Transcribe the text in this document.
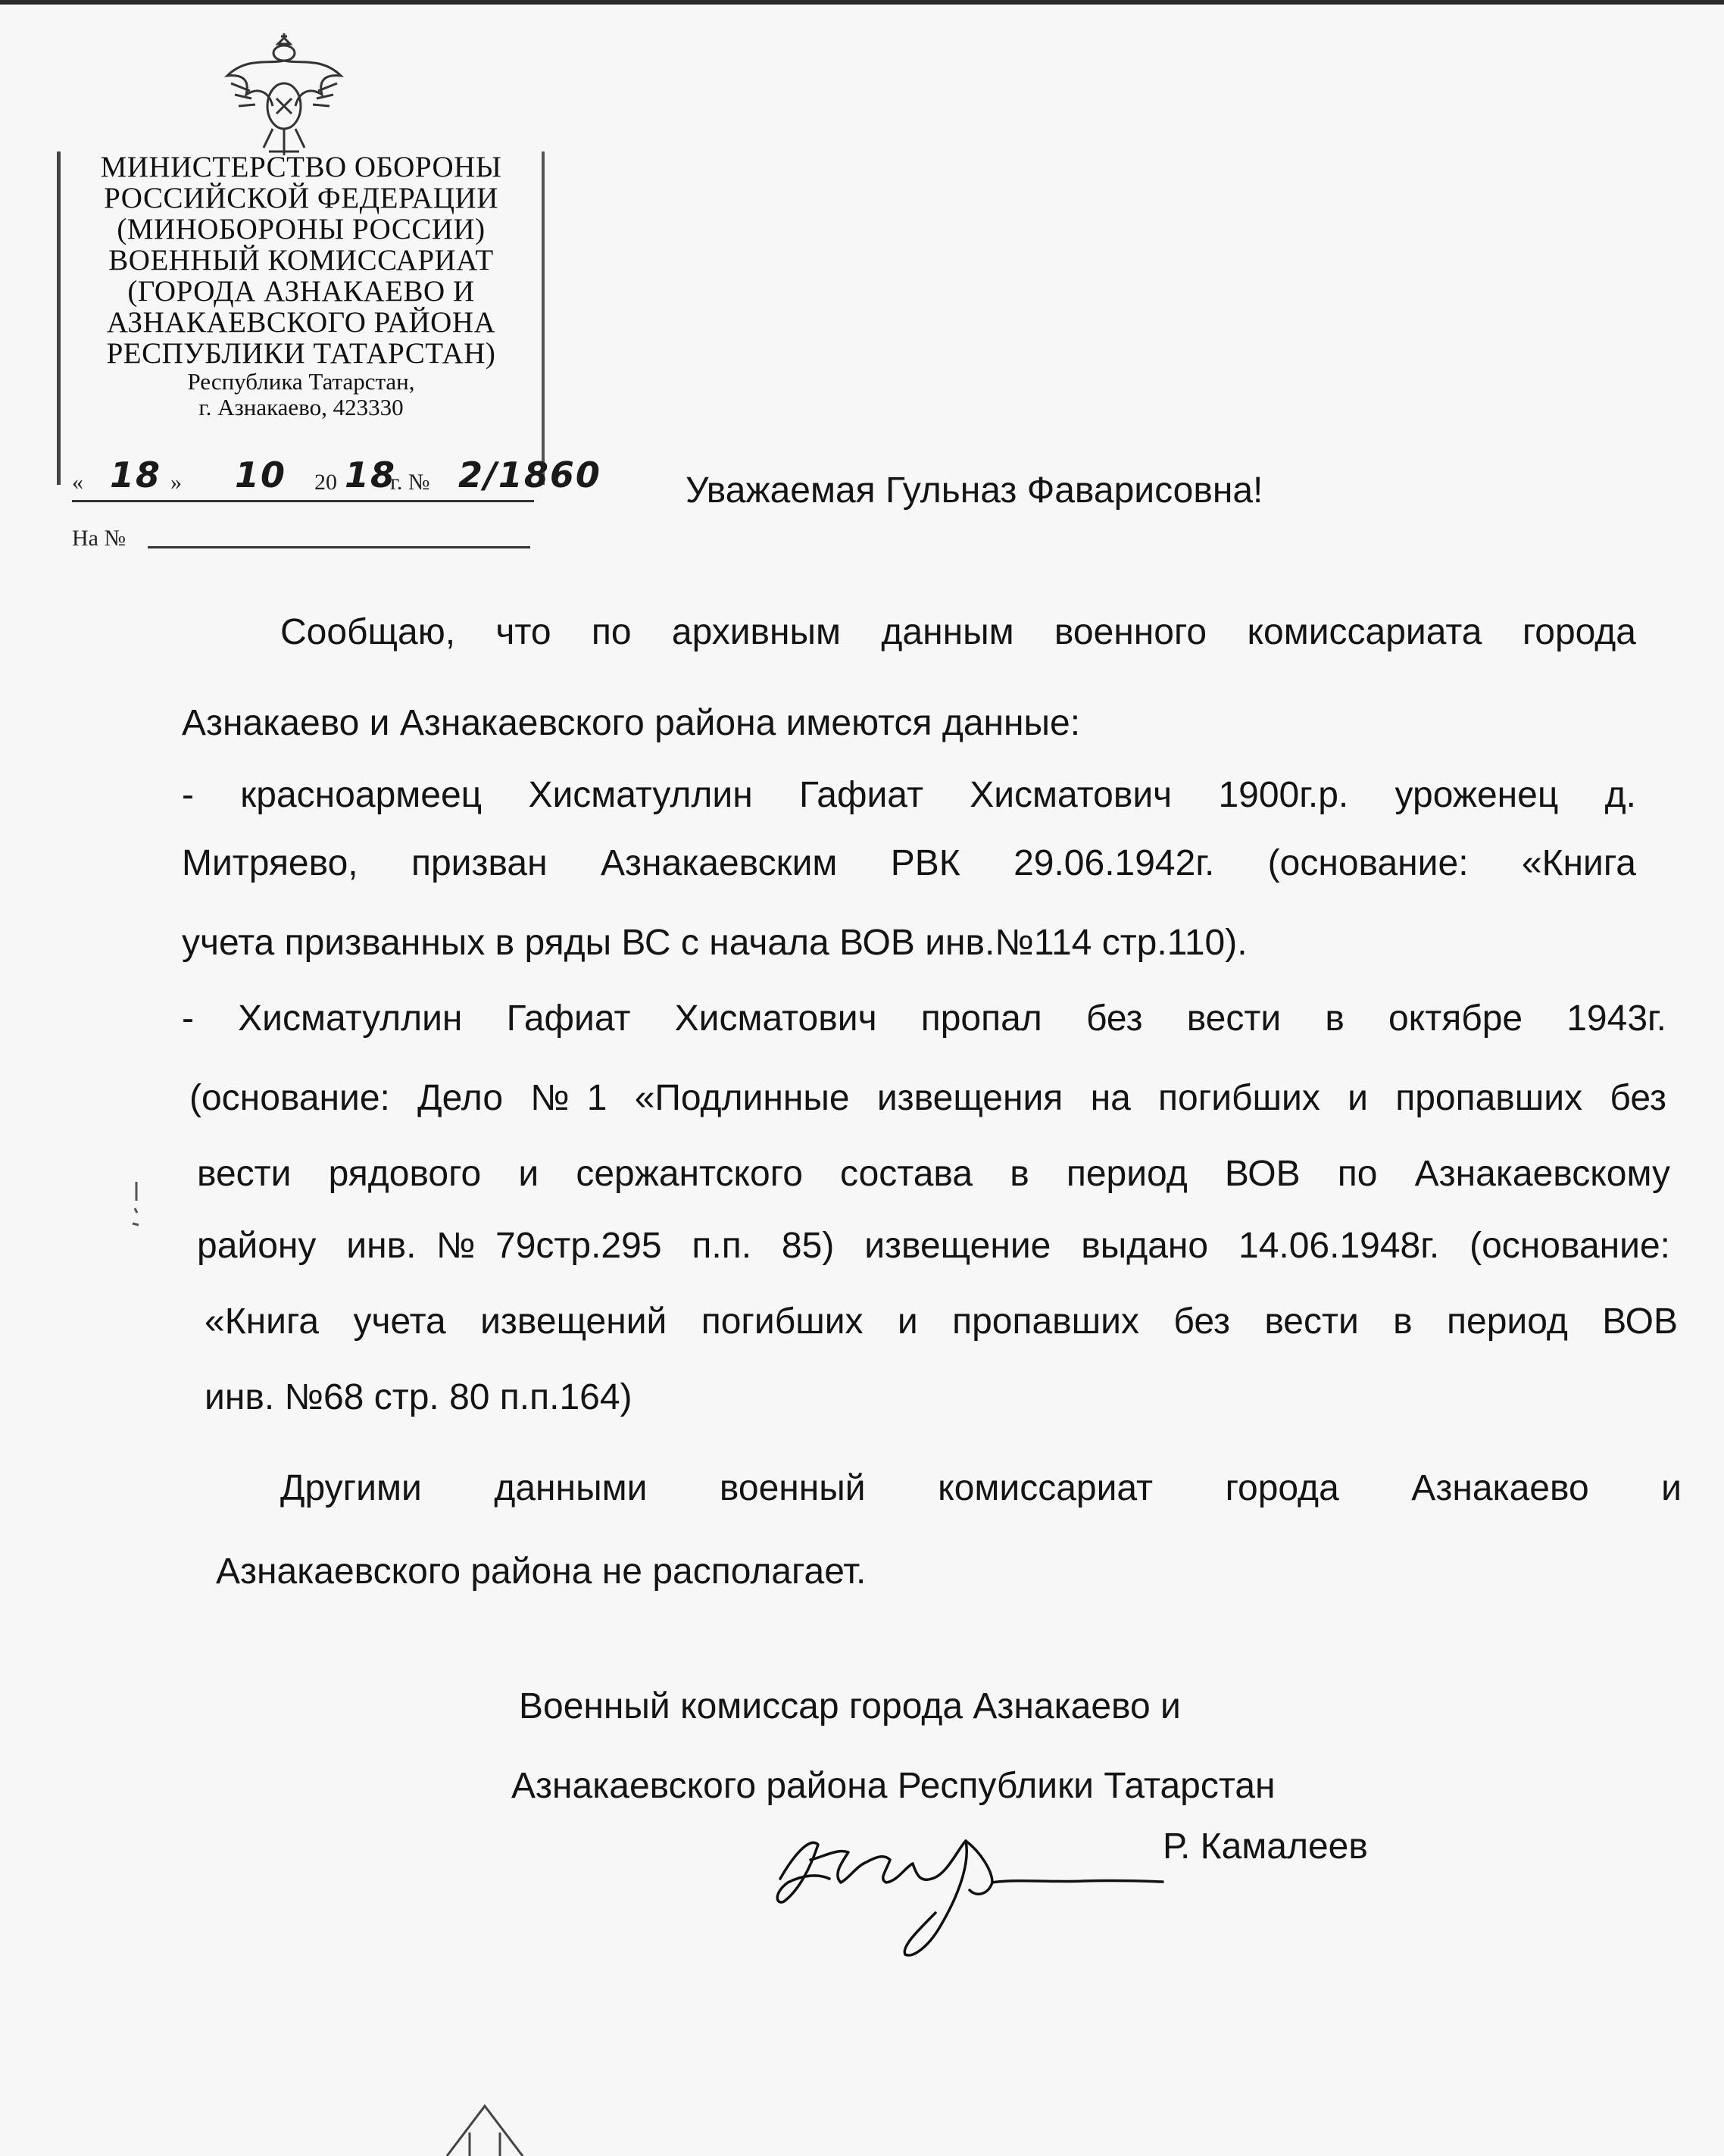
МИНИСТЕРСТВО ОБОРОНЫ
РОССИЙСКОЙ ФЕДЕРАЦИИ
(МИНОБОРОНЫ РОССИИ)
ВОЕННЫЙ КОМИССАРИАТ
(ГОРОДА АЗНАКАЕВО И
АЗНАКАЕВСКОГО РАЙОНА
РЕСПУБЛИКИ ТАТАРСТАН)
Республика Татарстан,
г. Азнакаево, 423330
« 18 » 10 20 18
г. № 2/1860
На №
Уважаемая Гульназ Фаварисовна!
Сообщаю, что по архивным данным военного комиссариата города
Азнакаево и Азнакаевского района имеются данные:
- красноармеец Хисматуллин Гафиат Хисматович 1900г.р. уроженец д.
Митряево, призван Азнакаевским РВК 29.06.1942г. (основание: «Книга
учета призванных в ряды ВС с начала ВОВ инв.№114 стр.110).
- Хисматуллин Гафиат Хисматович пропал без вести в октябре 1943г.
(основание: Дело №1 «Подлинные извещения на погибших и пропавших без
вести рядового и сержантского состава в период ВОВ по Азнакаевскому
району инв.№79стр.295 п.п. 85) извещение выдано 14.06.1948г. (основание:
«Книга учета извещений погибших и пропавших без вести в период ВОВ
инв. №68 стр. 80 п.п.164)
Другими данными военный комиссариат города Азнакаево и
Азнакаевского района не располагает.
Военный комиссар города Азнакаево и
Азнакаевского района Республики Татарстан
Р. Камалеев
